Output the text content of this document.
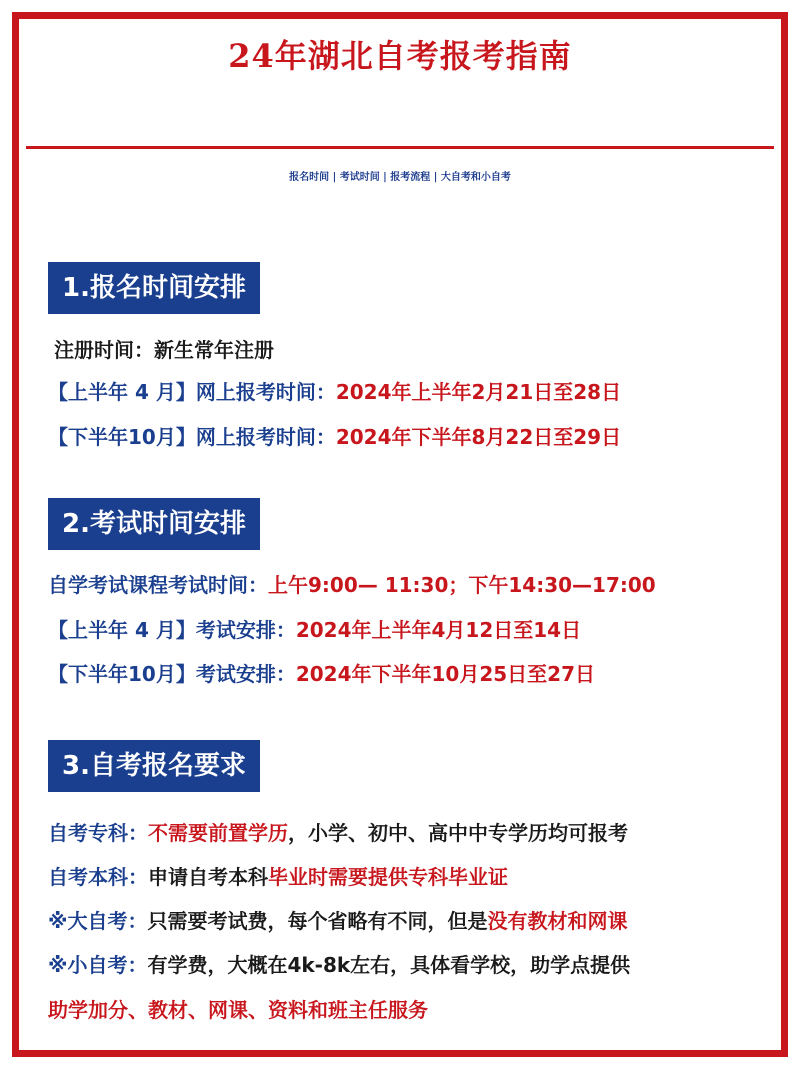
24年湖北自考报考指南
报名时间 | 考试时间 | 报考流程 | 大自考和小自考
1.报名时间安排
注册时间：新生常年注册
【上半年 4 月】网上报考时间：2024年上半年2月21日至28日
【下半年10月】网上报考时间：2024年下半年8月22日至29日
2.考试时间安排
自学考试课程考试时间：上午9:00— 11:30；下午14:30—17:00
【上半年 4 月】考试安排：2024年上半年4月12日至14日
【下半年10月】考试安排：2024年下半年10月25日至27日
3.自考报名要求
自考专科：不需要前置学历，小学、初中、高中中专学历均可报考
自考本科：申请自考本科毕业时需要提供专科毕业证
※大自考：只需要考试费，每个省略有不同，但是没有教材和网课
※小自考：有学费，大概在4k-8k左右，具体看学校，助学点提供
助学加分、教材、网课、资料和班主任服务
